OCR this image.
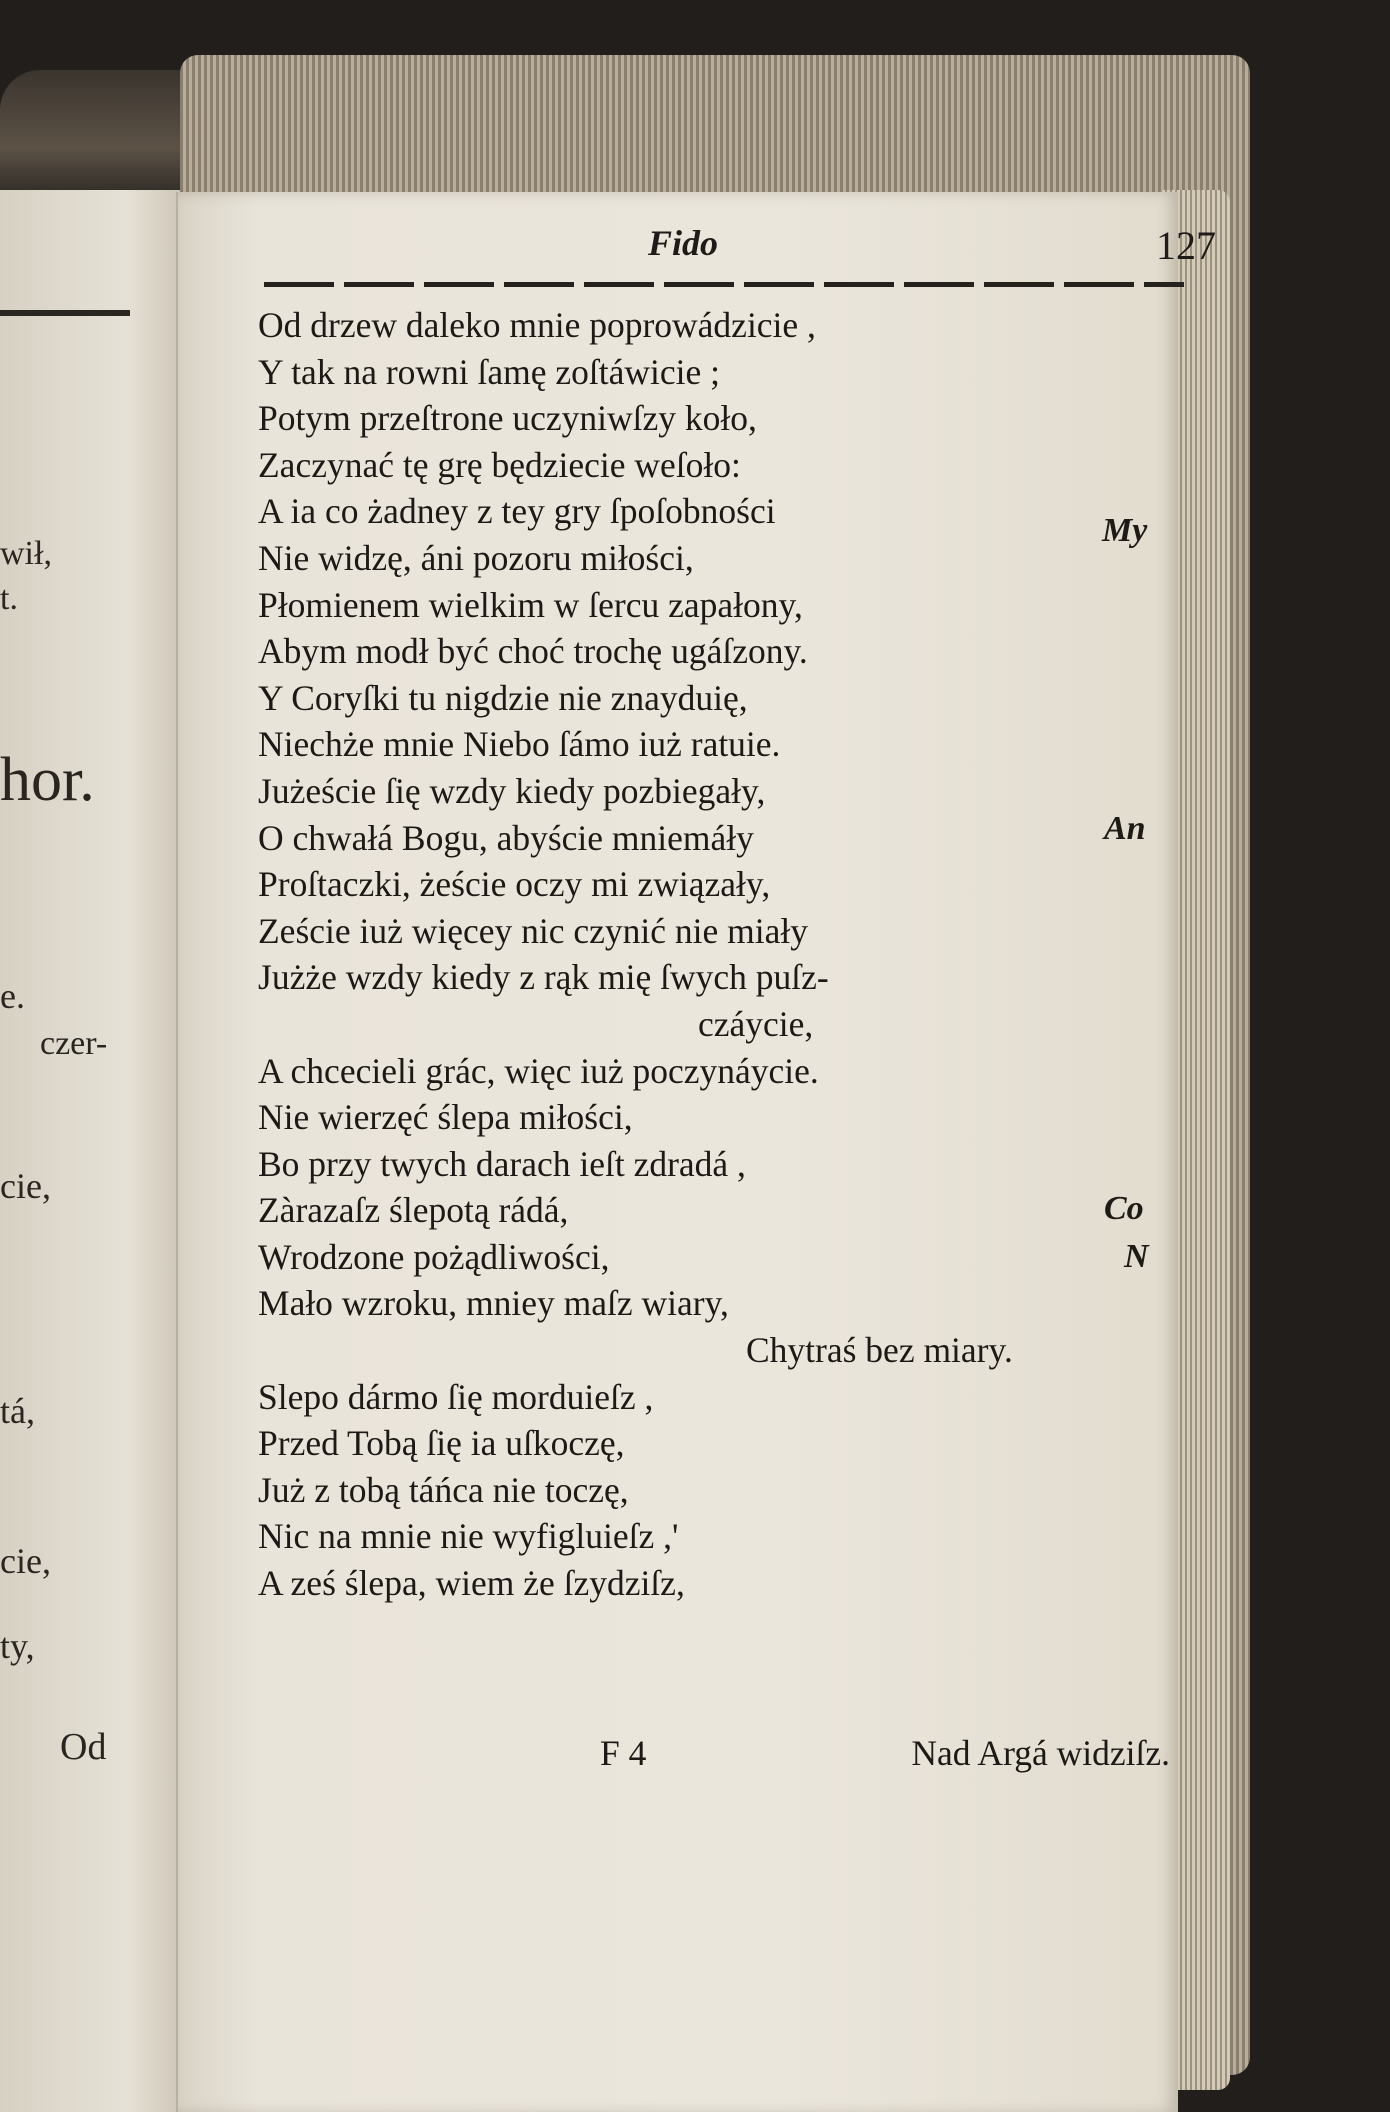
wił,
t.
hor.
e.
czer-
cie,
tá,
cie,
ty,
Od
Fido	127
Od drzew daleko mnie poprowádzicie ,
Y tak na rowni ſamę zoſtáwicie ;
Potym przeſtrone uczyniwſzy koło,
Zaczynać tę grę będziecie weſoło:
A ia co żadney z tey gry ſpoſobności
Nie widzę, áni pozoru miłości,
Płomienem wielkim w ſercu zapałony,
Abym modł być choć trochę ugáſzony.
Y Coryſki tu nigdzie nie znayduię,
Niechże mnie Niebo ſámo iuż ratuie.
Jużeście ſię wzdy kiedy pozbiegały,
O chwałá Bogu, abyście mniemáły
Proſtaczki, żeście oczy mi związały,
Zeście iuż więcey nic czynić nie miały
Jużże wzdy kiedy z rąk mię ſwych puſz-
czáycie,
A chcecieli grác, więc iuż poczynáycie.
Nie wierzęć ślepa miłości,
Bo przy twych darach ieſt zdradá ,
Zàrazaſz ślepotą rádá,
Wrodzone pożądliwości,
Mało wzroku, mniey maſz wiary,
Chytraś bez miary.
Slepo dármo ſię morduieſz ,
Przed Tobą ſię ia uſkoczę,
Już z tobą táńca nie toczę,
Nic na mnie nie wyfigluieſz ,'
A ześ ślepa, wiem że ſzydziſz,
F 4	Nad Argá widziſz.
My
An
Co
N
